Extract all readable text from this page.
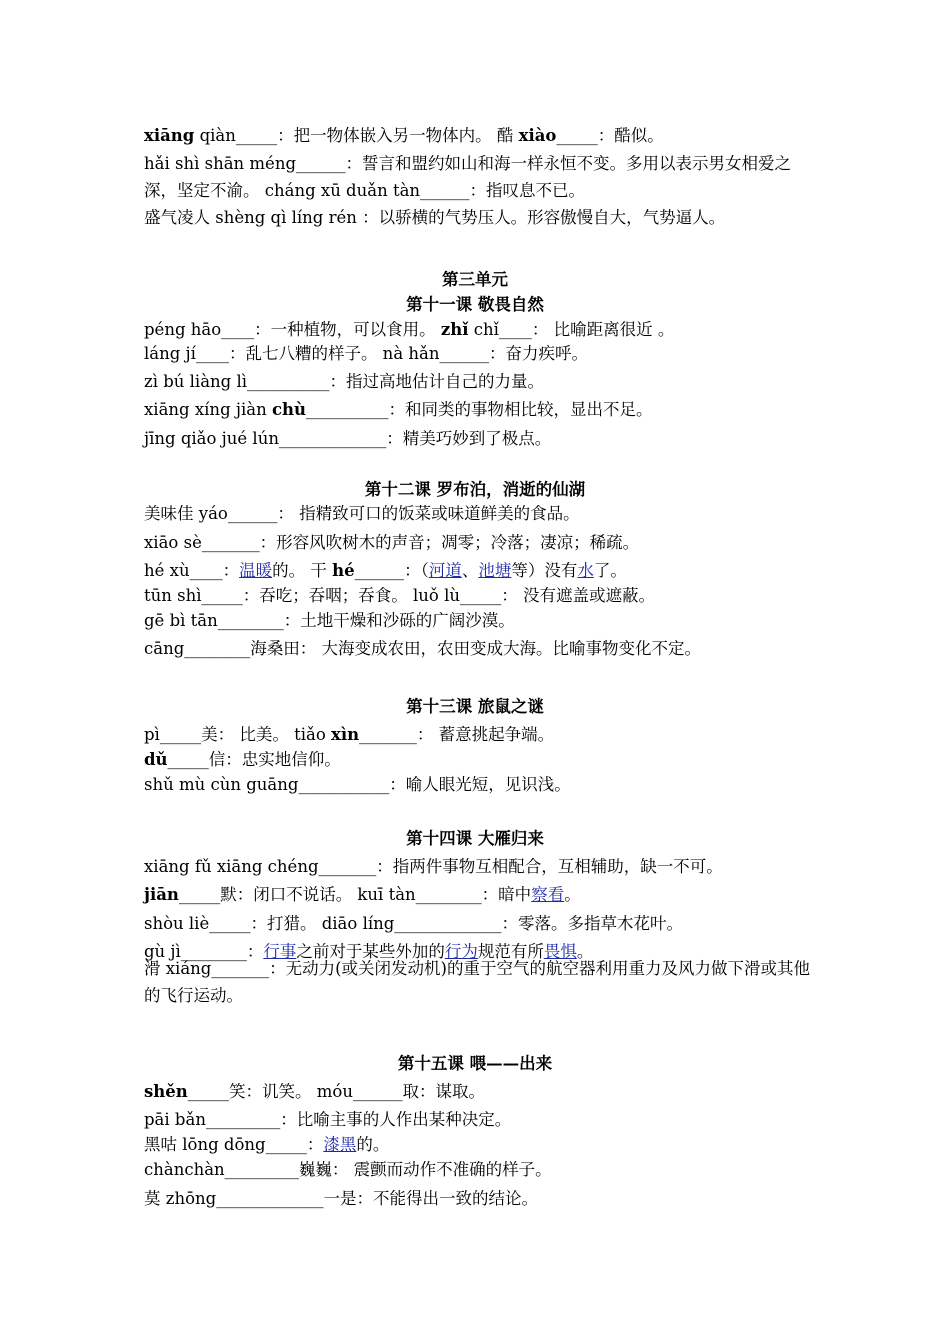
第三单元
第十一课 敬畏自然
第十二课 罗布泊，消逝的仙湖
第十三课 旅鼠之谜
第十四课 大雁归来
第十五课 喂——出来
xiāng qiàn_____：把一物体嵌入另一物体内。 酷 xiào_____：酷似。
hǎi shì shān méng______：誓言和盟约如山和海一样永恒不变。多用以表示男女相爱之深，坚定不渝。 cháng xū duǎn tàn______：指叹息不已。
盛气凌人 shèng qì líng rén ：以骄横的气势压人。形容傲慢自大，气势逼人。
péng hāo____：一种植物，可以食用。 zhǐ chǐ____： 比喻距离很近 。
láng jí____：乱七八糟的样子。 nà hǎn______：奋力疾呼。
zì bú liàng lì__________：指过高地估计自己的力量。
xiāng xíng jiàn chù__________：和同类的事物相比较，显出不足。
jīng qiǎo jué lún_____________：精美巧妙到了极点。
美味佳 yáo______： 指精致可口的饭菜或味道鲜美的食品。
xiāo sè_______：形容风吹树木的声音；凋零；冷落；凄凉；稀疏。
hé xù____：温暖的。 干 hé______：（河道、池塘等）没有水了。
tūn shì_____：吞吃；吞咽；吞食。 luǒ lù_____： 没有遮盖或遮蔽。
gē bì tān________：土地干燥和沙砾的广阔沙漠。
cāng________海桑田： 大海变成农田，农田变成大海。比喻事物变化不定。
pì_____美： 比美。 tiǎo xìn_______： 蓄意挑起争端。
dǔ_____信：忠实地信仰。
shǔ mù cùn guāng___________：喻人眼光短，见识浅。
xiāng fǔ xiāng chéng_______：指两件事物互相配合，互相辅助，缺一不可。
jiān_____默：闭口不说话。 kuī tàn________：暗中察看。
shòu liè_____：打猎。 diāo líng_____________：零落。多指草木花叶。
gù jì________：行事之前对于某些外加的行为规范有所畏惧。
滑 xiáng_______：无动力(或关闭发动机)的重于空气的航空器利用重力及风力做下滑或其他的飞行运动。
shěn_____笑：讥笑。 móu______取：谋取。
pāi bǎn_________：比喻主事的人作出某种决定。
黑咕 lōng dōng_____：漆黑的。
chànchàn_________巍巍： 震颤而动作不准确的样子。
莫 zhōng_____________一是：不能得出一致的结论。
